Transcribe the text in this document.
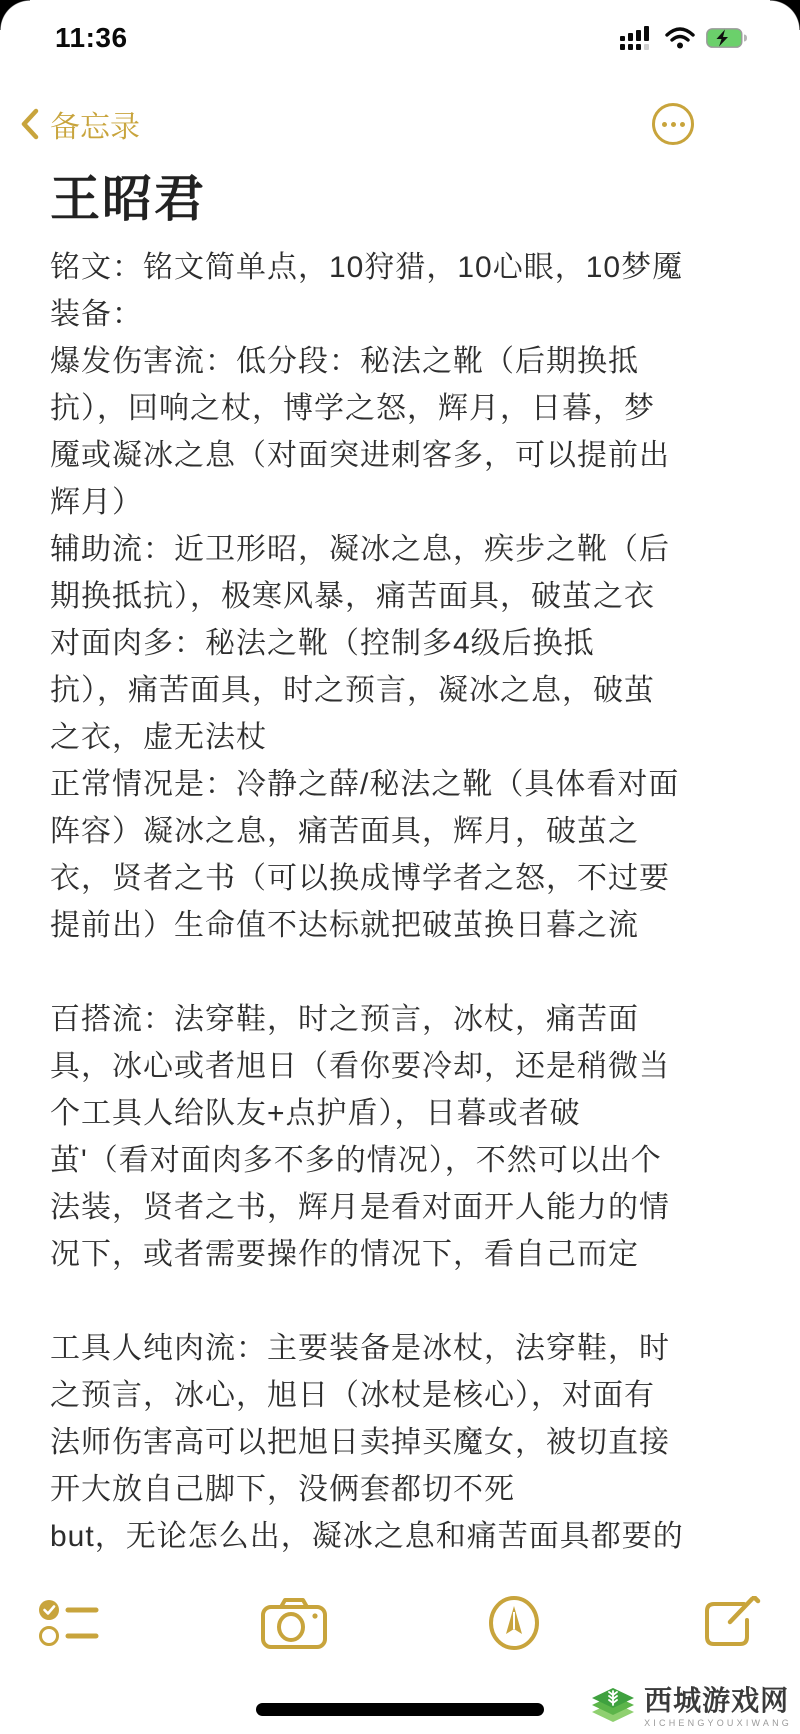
11:36
备忘录
王昭君
铭文：铭文简单点，10狩猎，10心眼，10梦魇
装备：
爆发伤害流：低分段：秘法之靴（后期换抵
抗），回响之杖，博学之怒，辉月，日暮，梦
魇或凝冰之息（对面突进刺客多，可以提前出
辉月）
辅助流：近卫形昭，凝冰之息，疾步之靴（后
期换抵抗），极寒风暴，痛苦面具，破茧之衣
对面肉多：秘法之靴（控制多4级后换抵
抗），痛苦面具，时之预言，凝冰之息，破茧
之衣，虚无法杖
正常情况是：冷静之薛/秘法之靴（具体看对面
阵容）凝冰之息，痛苦面具，辉月，破茧之
衣，贤者之书（可以换成博学者之怒，不过要
提前出）生命值不达标就把破茧换日暮之流

百搭流：法穿鞋，时之预言，冰杖，痛苦面
具，冰心或者旭日（看你要冷却，还是稍微当
个工具人给队友+点护盾），日暮或者破
茧'（看对面肉多不多的情况），不然可以出个
法装，贤者之书，辉月是看对面开人能力的情
况下，或者需要操作的情况下，看自己而定

工具人纯肉流：主要装备是冰杖，法穿鞋，时
之预言，冰心，旭日（冰杖是核心），对面有
法师伤害高可以把旭日卖掉买魔女，被切直接
开大放自己脚下，没俩套都切不死
but，无论怎么出，凝冰之息和痛苦面具都要的
西城游戏网
XICHENGYOUXIWANG
